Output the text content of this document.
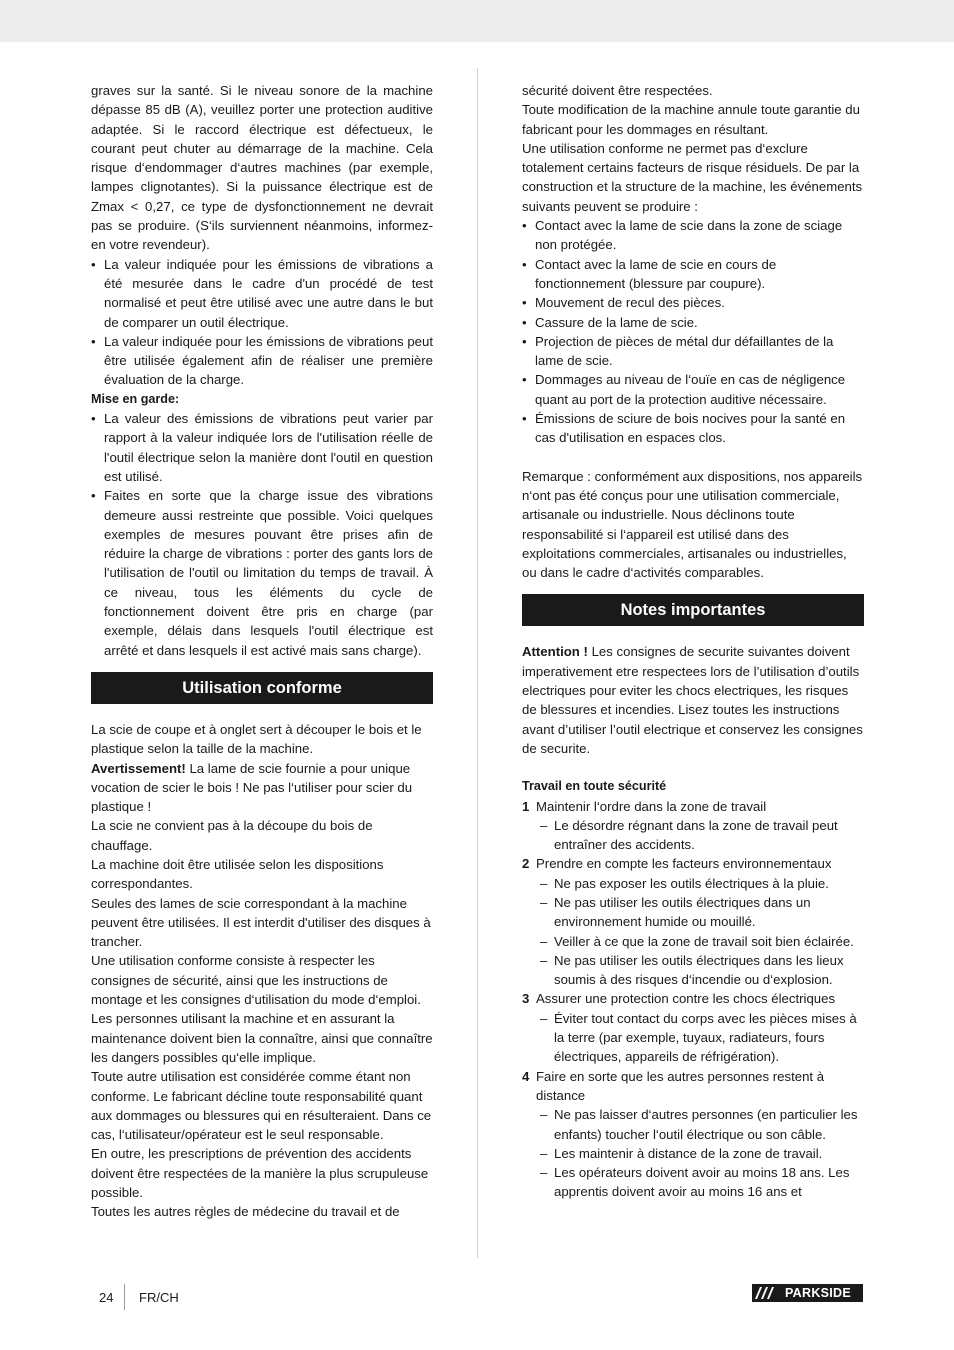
graves sur la santé. Si le niveau sonore de la machine dépasse 85 dB (A), veuillez porter une protection auditive adaptée. Si le raccord électrique est défectueux, le courant peut chuter au démarrage de la machine. Cela risque d‘endommager d‘autres machines (par exemple, lampes clignotantes). Si la puissance électrique est de Zmax < 0,27, ce type de dysfonctionnement ne devrait pas se produire. (S‘ils surviennent néanmoins, informez-en votre revendeur).

• La valeur indiquée pour les émissions de vibrations a été mesurée dans le cadre d'un procédé de test normalisé et peut être utilisé avec une autre dans le but de comparer un outil électrique.
• La valeur indiquée pour les émissions de vibrations peut être utilisée également afin de réaliser une première évaluation de la charge.

Mise en garde:

• La valeur des émissions de vibrations peut varier par rapport à la valeur indiquée lors de l'utilisation réelle de l'outil électrique selon la manière dont l'outil en question est utilisé.
• Faites en sorte que la charge issue des vibrations demeure aussi restreinte que possible. Voici quelques exemples de mesures pouvant être prises afin de réduire la charge de vibrations : porter des gants lors de l'utilisation de l'outil ou limitation du temps de travail. À ce niveau, tous les éléments du cycle de fonctionnement doivent être pris en charge (par exemple, délais dans lesquels l'outil électrique est arrêté et dans lesquels il est activé mais sans charge).
Utilisation conforme

La scie de coupe et à onglet sert à découper le bois et le plastique selon la taille de la machine.

Avertissement! La lame de scie fournie a pour unique vocation de scier le bois ! Ne pas l‘utiliser pour scier du plastique !

La scie ne convient pas à la découpe du bois de chauffage.

La machine doit être utilisée selon les dispositions correspondantes.

Seules des lames de scie correspondant à la machine peuvent être utilisées. Il est interdit d'utiliser des disques à trancher.

Une utilisation conforme consiste à respecter les consignes de sécurité, ainsi que les instructions de montage et les consignes d‘utilisation du mode d‘emploi.

Les personnes utilisant la machine et en assurant la maintenance doivent bien la connaître, ainsi que connaître les dangers possibles qu‘elle implique.

Toute autre utilisation est considérée comme étant non conforme. Le fabricant décline toute responsabilité quant aux dommages ou blessures qui en résulteraient. Dans ce cas, l‘utilisateur/opérateur est le seul responsable.

En outre, les prescriptions de prévention des accidents doivent être respectées de la manière la plus scrupuleuse possible.

Toutes les autres règles de médecine du travail et de

sécurité doivent être respectées.

Toute modification de la machine annule toute garantie du fabricant pour les dommages en résultant.

Une utilisation conforme ne permet pas d‘exclure totalement certains facteurs de risque résiduels. De par la construction et la structure de la machine, les événements suivants peuvent se produire :

• Contact avec la lame de scie dans la zone de sciage non protégée.
• Contact avec la lame de scie en cours de fonctionnement (blessure par coupure).
• Mouvement de recul des pièces.
• Cassure de la lame de scie.
• Projection de pièces de métal dur défaillantes de la lame de scie.
• Dommages au niveau de l‘ouïe en cas de négligence quant au port de la protection auditive nécessaire.
• Émissions de sciure de bois nocives pour la santé en cas d'utilisation en espaces clos.

Remarque : conformément aux dispositions, nos appareils n‘ont pas été conçus pour une utilisation commerciale, artisanale ou industrielle. Nous déclinons toute responsabilité si l‘appareil est utilisé dans des exploitations commerciales, artisanales ou industrielles, ou dans le cadre d‘activités comparables.

Notes importantes

Attention ! Les consignes de securite suivantes doivent imperativement etre respectees lors de l’utilisation d’outils electriques pour eviter les chocs electriques, les risques de blessures et incendies. Lisez toutes les instructions avant d’utiliser l’outil electrique et conservez les consignes de securite.

Travail en toute sécurité

1 Maintenir l‘ordre dans la zone de travail
– Le désordre régnant dans la zone de travail peut entraîner des accidents.
2 Prendre en compte les facteurs environnementaux
– Ne pas exposer les outils électriques à la pluie.
– Ne pas utiliser les outils électriques dans un environnement humide ou mouillé.
– Veiller à ce que la zone de travail soit bien éclairée.
– Ne pas utiliser les outils électriques dans les lieux soumis à des risques d‘incendie ou d‘explosion.
3 Assurer une protection contre les chocs électriques
– Éviter tout contact du corps avec les pièces mises à la terre (par exemple, tuyaux, radiateurs, fours électriques, appareils de réfrigération).
4 Faire en sorte que les autres personnes restent à distance
– Ne pas laisser d‘autres personnes (en particulier les enfants) toucher l‘outil électrique ou son câble.
– Les maintenir à distance de la zone de travail.
– Les opérateurs doivent avoir au moins 18 ans. Les apprentis doivent avoir au moins 16 ans et
24 FR/CH	PARKSIDE
